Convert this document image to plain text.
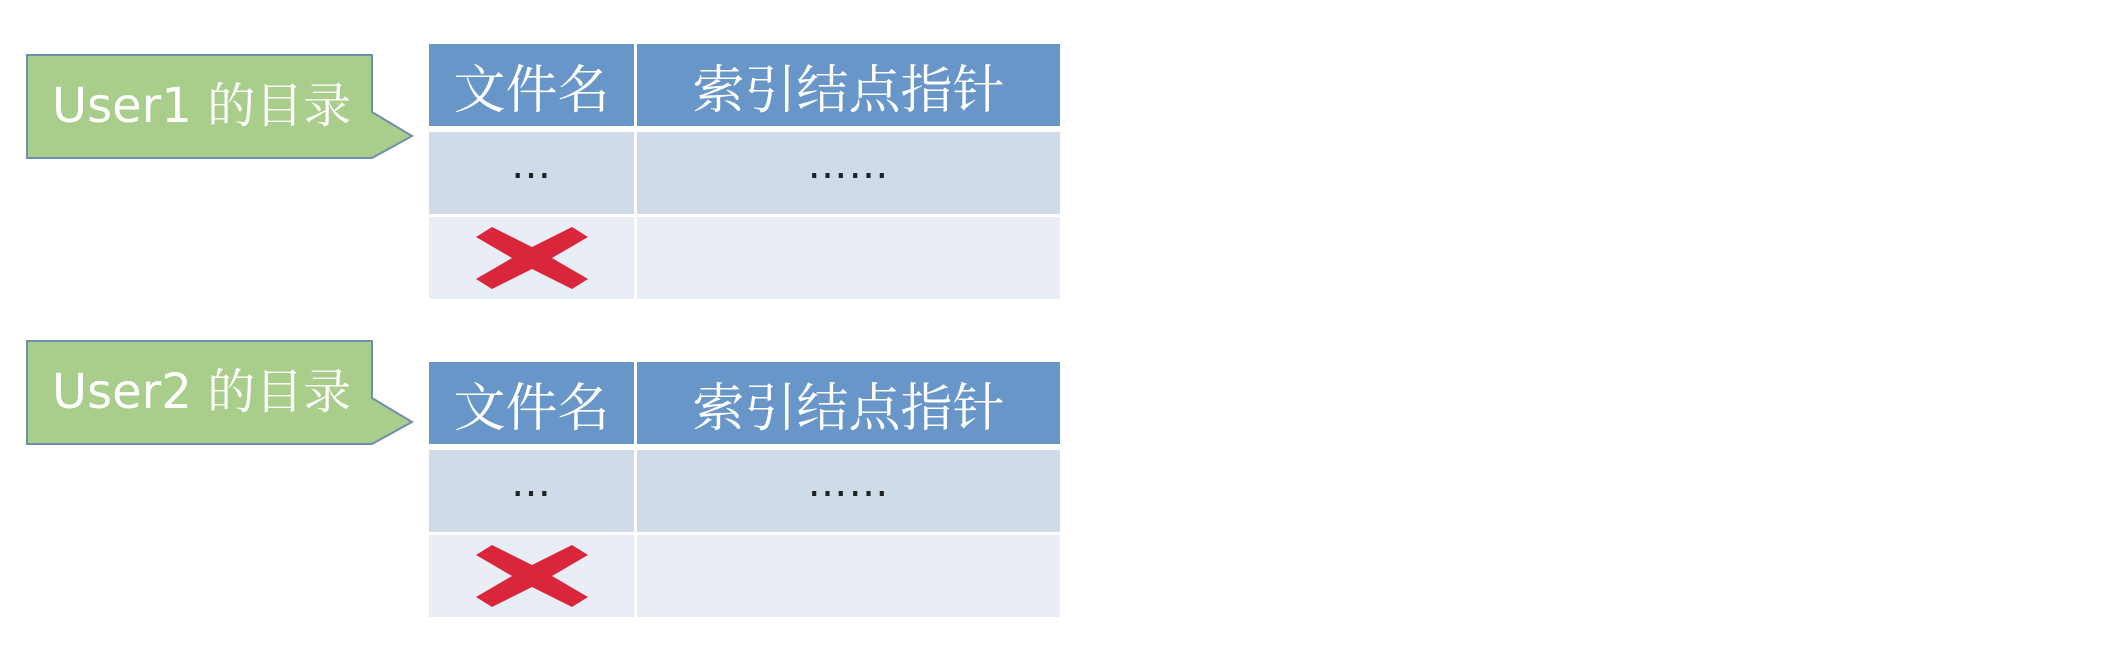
User1 的目录	文件名	索引结点指针
…	……

User2 的目录	文件名	索引结点指针
…	……
